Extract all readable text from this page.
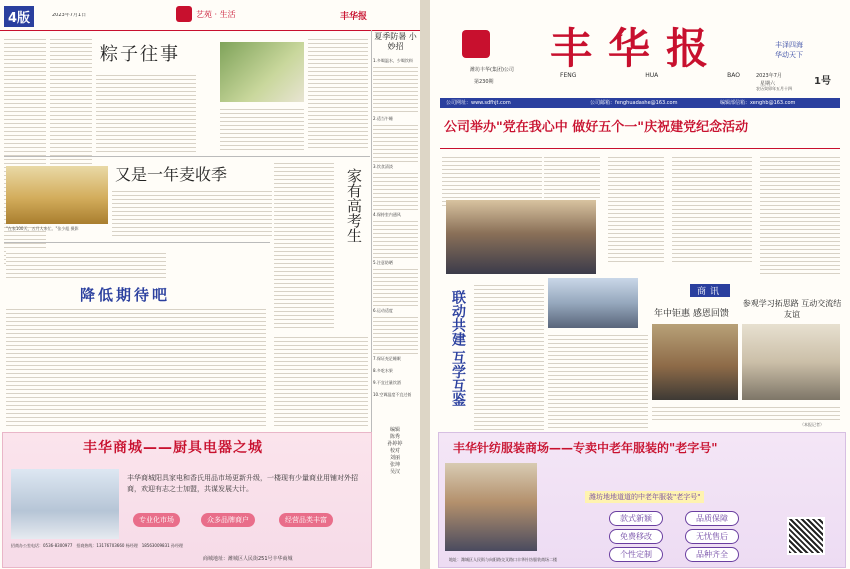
4版	2023年7月1日	艺苑 · 生活	丰华报
粽子往事
夏季防暑 小妙招
1.多喝温水，少喝饮料
2.适当午睡
3.饮食清淡
4.保持室内通风
5.注意防晒
6.运动适度
7.保证充足睡眠
8.多吃水果
9.不宜过量饮酒
10.空调温度不宜过低
编辑
陈秀
孙婷婷
校对
刘丽
张坤
吴汉
又是一年麦收季
"在家100天，五月人来忙。"张少彪 摄影	家有高考生
降低期待吧
丰华商城——厨具电器之城
丰华商城阳具家电和香氏用品市场更新升级，一楼现有少量商业用铺对外招商，欢迎有志之士加盟，共谋发展大计。
专业化市场	众多品牌商户	经营品类丰富
招商办公室电话：0536-8300977　招商热线：13176703660 杨经理　18563009831 孙经理
商城地址：潍城区人民街251号丰华商城
丰华报
FENG	HUA	BAO
丰泽四海
华动天下
潍坊丰华(集团)公司
第230期
2023年7月	1号
星期六
农历癸卯年五月十四
公司网址：www.sdfhjt.com	公司邮箱：fenghuadashe@163.com	编辑部信箱：xenghb@163.com
公司举办"党在我心中 做好五个一"庆祝建党纪念活动
联动共建 互学互鉴	商讯
年中钜惠 感恩回馈
参观学习拓思路 互动交流结友谊
（本报记者）
丰华针纺服装商场——专卖中老年服装的"老字号"
潍坊地地道道的中老年服装"老字号"
款式新颖	品质保障
免费移改	无忧售后
个性定制	品种齐全
地址：潍城区人民街与向阳路交叉路口丰华针纺服装商场二楼
